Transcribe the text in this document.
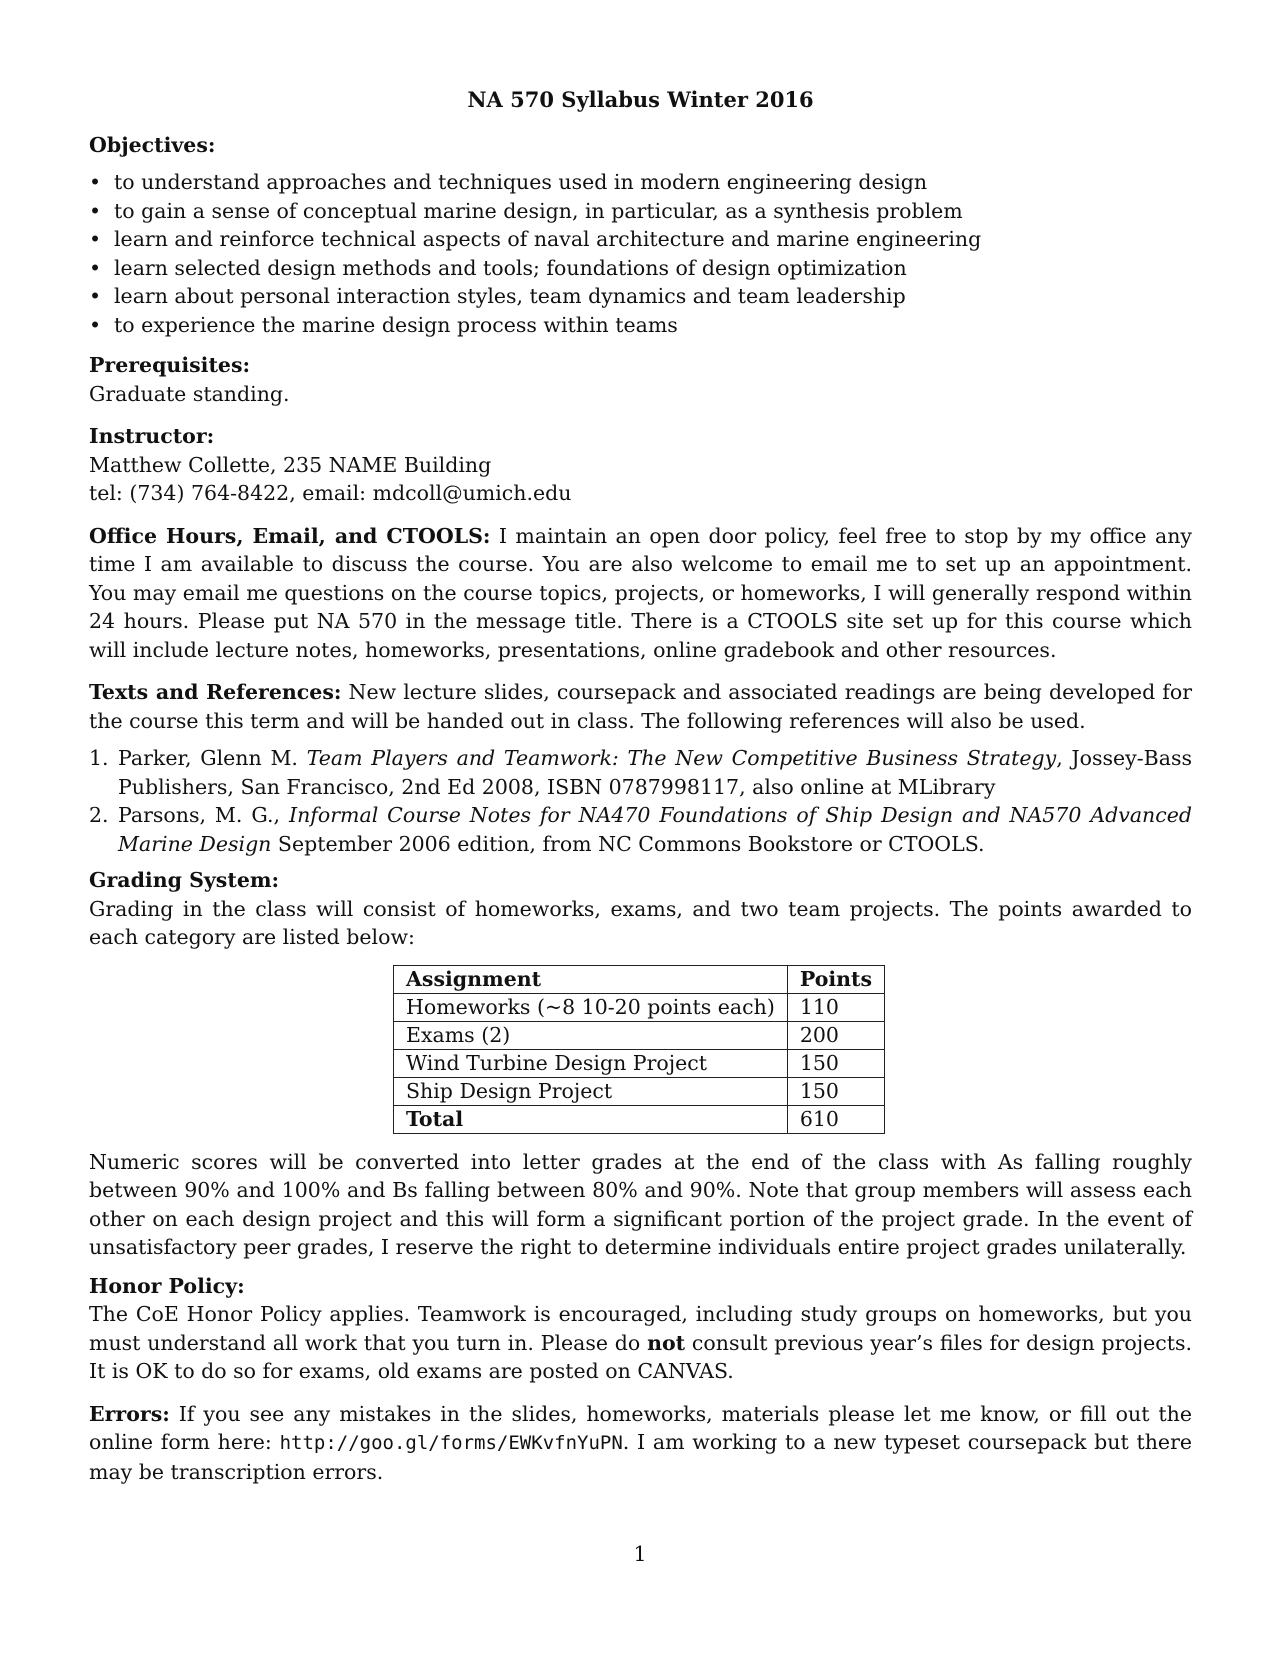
NA 570 Syllabus Winter 2016
Objectives:
• to understand approaches and techniques used in modern engineering design
• to gain a sense of conceptual marine design, in particular, as a synthesis problem
• learn and reinforce technical aspects of naval architecture and marine engineering
• learn selected design methods and tools; foundations of design optimization
• learn about personal interaction styles, team dynamics and team leadership
• to experience the marine design process within teams
Prerequisites:
Graduate standing.
Instructor:
Matthew Collette, 235 NAME Building
tel: (734) 764-8422, email: mdcoll@umich.edu

Office Hours, Email, and CTOOLS: I maintain an open door policy, feel free to stop by my office any time I am available to discuss the course. You are also welcome to email me to set up an appointment. You may email me questions on the course topics, projects, or homeworks, I will generally respond within 24 hours. Please put NA 570 in the message title. There is a CTOOLS site set up for this course which will include lecture notes, homeworks, presentations, online gradebook and other resources.

Texts and References: New lecture slides, coursepack and associated readings are being developed for the course this term and will be handed out in class. The following references will also be used.

1. Parker, Glenn M. Team Players and Teamwork: The New Competitive Business Strategy, Jossey-Bass Publishers, San Francisco, 2nd Ed 2008, ISBN 0787998117, also online at MLibrary
2. Parsons, M. G., Informal Course Notes for NA470 Foundations of Ship Design and NA570 Advanced Marine Design September 2006 edition, from NC Commons Bookstore or CTOOLS.
Grading System:
Grading in the class will consist of homeworks, exams, and two team projects. The points awarded to each category are listed below:
Assignment	Points
Homeworks (~8 10-20 points each)	110
Exams (2)	200
Wind Turbine Design Project	150
Ship Design Project	150
Total	610

Numeric scores will be converted into letter grades at the end of the class with As falling roughly between 90% and 100% and Bs falling between 80% and 90%. Note that group members will assess each other on each design project and this will form a significant portion of the project grade. In the event of unsatisfactory peer grades, I reserve the right to determine individuals entire project grades unilaterally.

Honor Policy:
The CoE Honor Policy applies. Teamwork is encouraged, including study groups on homeworks, but you must understand all work that you turn in. Please do not consult previous year’s files for design projects. It is OK to do so for exams, old exams are posted on CANVAS.

Errors: If you see any mistakes in the slides, homeworks, materials please let me know, or fill out the online form here: http://goo.gl/forms/EWKvfnYuPN. I am working to a new typeset coursepack but there may be transcription errors.

1
